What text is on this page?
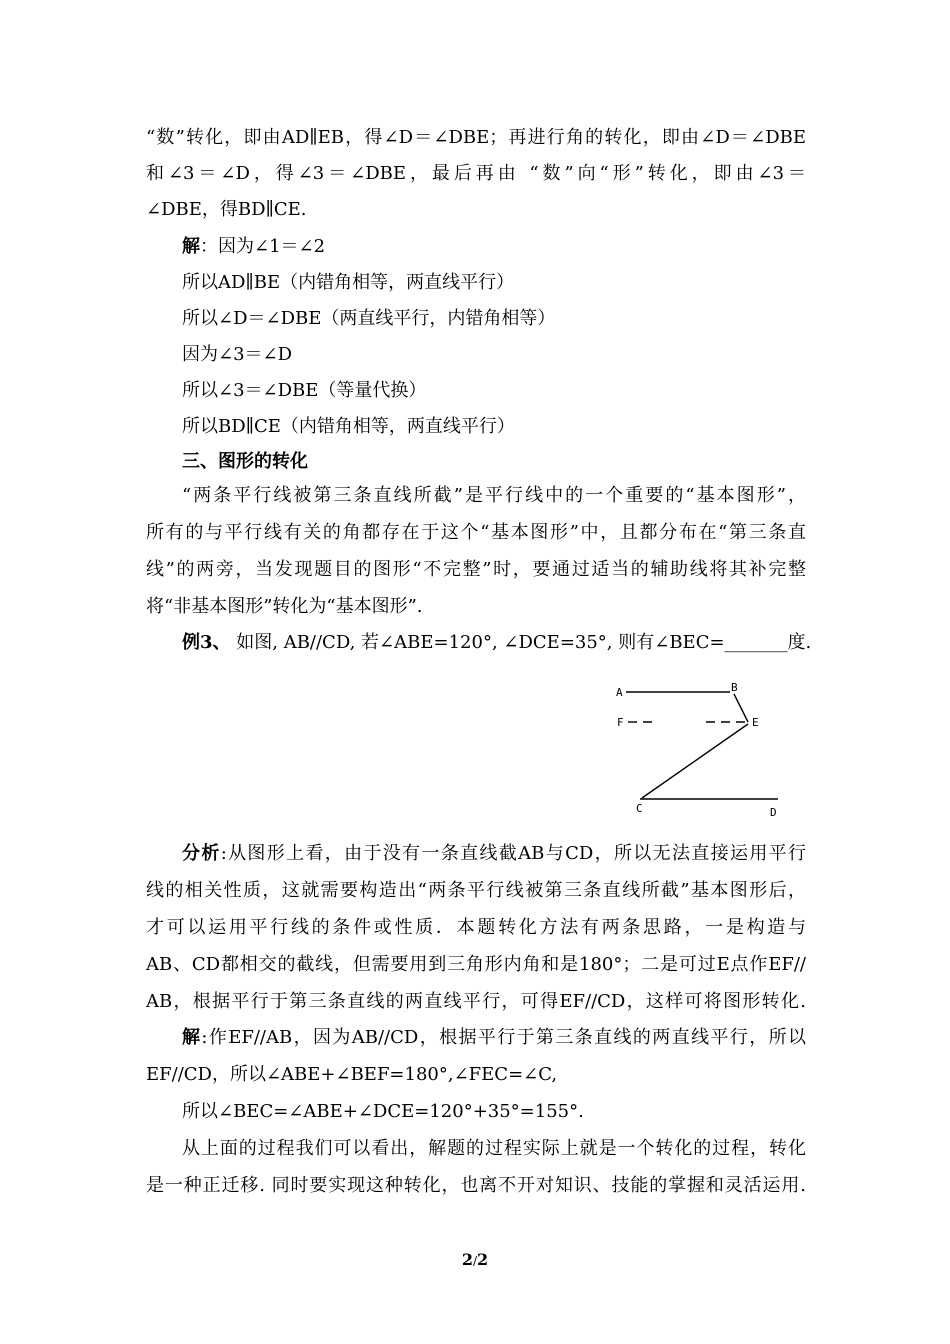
“数”转化，即由AD∥EB，得∠D＝∠DBE；再进行角的转化，即由∠D＝∠DBE
和∠3＝∠D，得∠3＝∠DBE，最后再由 “数”向“形”转化，即由∠3＝
∠DBE，得BD∥CE.
解：因为∠1＝∠2
所以AD∥BE（内错角相等，两直线平行）
所以∠D＝∠DBE（两直线平行，内错角相等）
因为∠3＝∠D
所以∠3＝∠DBE（等量代换）
所以BD∥CE（内错角相等，两直线平行）
三、图形的转化
“两条平行线被第三条直线所截”是平行线中的一个重要的“基本图形”，
所有的与平行线有关的角都存在于这个“基本图形”中，且都分布在“第三条直
线”的两旁，当发现题目的图形“不完整”时，要通过适当的辅助线将其补完整
将“非基本图形”转化为“基本图形”.
例3、 如图, AB//CD, 若∠ABE=120°, ∠DCE=35°, 则有∠BEC=_______度.
A	B
F	E
C	D
分析:从图形上看，由于没有一条直线截AB与CD，所以无法直接运用平行
线的相关性质，这就需要构造出“两条平行线被第三条直线所截”基本图形后，
才可以运用平行线的条件或性质．本题转化方法有两条思路，一是构造与
AB、CD都相交的截线，但需要用到三角形内角和是180°；二是可过E点作EF//
AB，根据平行于第三条直线的两直线平行，可得EF//CD，这样可将图形转化.
解:作EF//AB，因为AB//CD，根据平行于第三条直线的两直线平行，所以
EF//CD，所以∠ABE+∠BEF=180°,∠FEC=∠C,
所以∠BEC=∠ABE+∠DCE=120°+35°=155°.
从上面的过程我们可以看出，解题的过程实际上就是一个转化的过程，转化
是一种正迁移. 同时要实现这种转化，也离不开对知识、技能的掌握和灵活运用.
2/2
